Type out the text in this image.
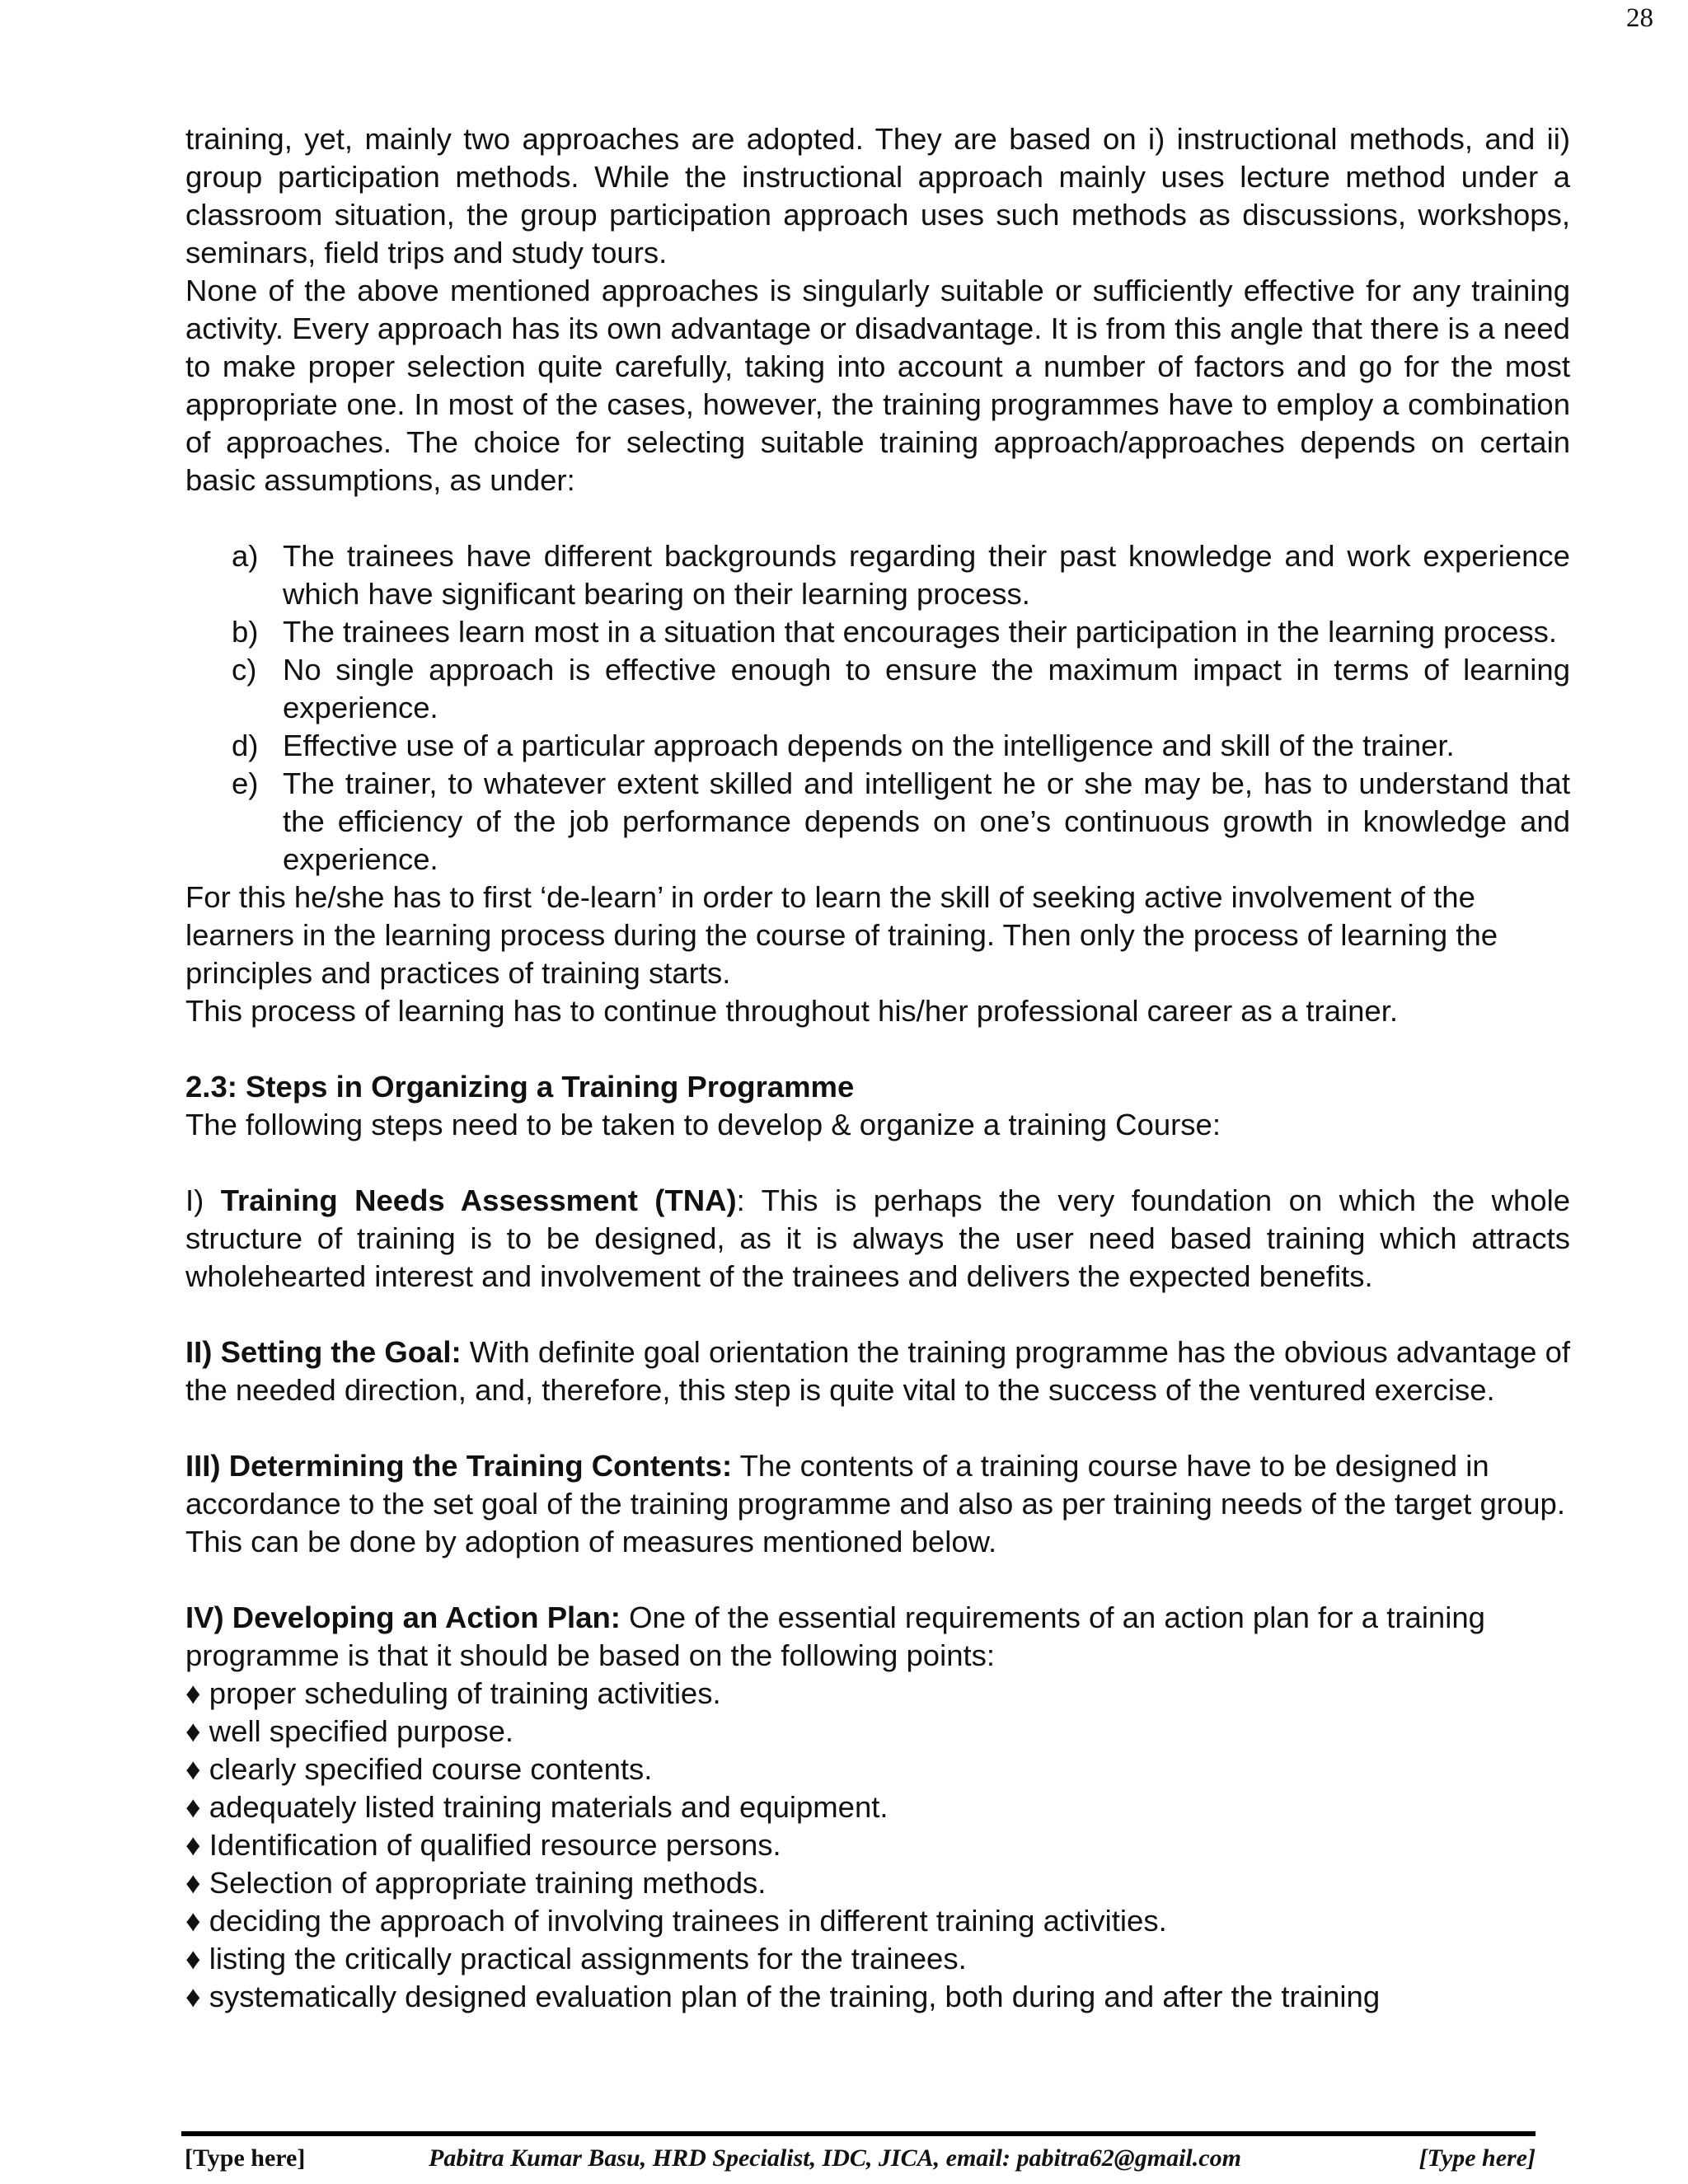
28

training, yet, mainly two approaches are adopted. They are based on i) instructional methods, and ii) group participation methods. While the instructional approach mainly uses lecture method under a classroom situation, the group participation approach uses such methods as discussions, workshops, seminars, field trips and study tours.

None of the above mentioned approaches is singularly suitable or sufficiently effective for any training activity. Every approach has its own advantage or disadvantage. It is from this angle that there is a need to make proper selection quite carefully, taking into account a number of factors and go for the most appropriate one. In most of the cases, however, the training programmes have to employ a combination of approaches. The choice for selecting suitable training approach/approaches depends on certain basic assumptions, as under:

a) The trainees have different backgrounds regarding their past knowledge and work experience which have significant bearing on their learning process.
b) The trainees learn most in a situation that encourages their participation in the learning process.
c) No single approach is effective enough to ensure the maximum impact in terms of learning experience.
d) Effective use of a particular approach depends on the intelligence and skill of the trainer.
e) The trainer, to whatever extent skilled and intelligent he or she may be, has to understand that the efficiency of the job performance depends on one’s continuous growth in knowledge and experience.

For this he/she has to first ‘de-learn’ in order to learn the skill of seeking active involvement of the learners in the learning process during the course of training. Then only the process of learning the principles and practices of training starts.

This process of learning has to continue throughout his/her professional career as a trainer.

2.3: Steps in Organizing a Training Programme

The following steps need to be taken to develop & organize a training Course:

I) Training Needs Assessment (TNA): This is perhaps the very foundation on which the whole structure of training is to be designed, as it is always the user need based training which attracts wholehearted interest and involvement of the trainees and delivers the expected benefits.

II) Setting the Goal: With definite goal orientation the training programme has the obvious advantage of the needed direction, and, therefore, this step is quite vital to the success of the ventured exercise.

III) Determining the Training Contents: The contents of a training course have to be designed in accordance to the set goal of the training programme and also as per training needs of the target group. This can be done by adoption of measures mentioned below.

IV) Developing an Action Plan: One of the essential requirements of an action plan for a training programme is that it should be based on the following points:

♦ proper scheduling of training activities.
♦ well specified purpose.
♦ clearly specified course contents.
♦ adequately listed training materials and equipment.
♦ Identification of qualified resource persons.
♦ Selection of appropriate training methods.
♦ deciding the approach of involving trainees in different training activities.
♦ listing the critically practical assignments for the trainees.
♦ systematically designed evaluation plan of the training, both during and after the training
[Type here]	Pabitra Kumar Basu, HRD Specialist, IDC, JICA, email: pabitra62@gmail.com	[Type here]
